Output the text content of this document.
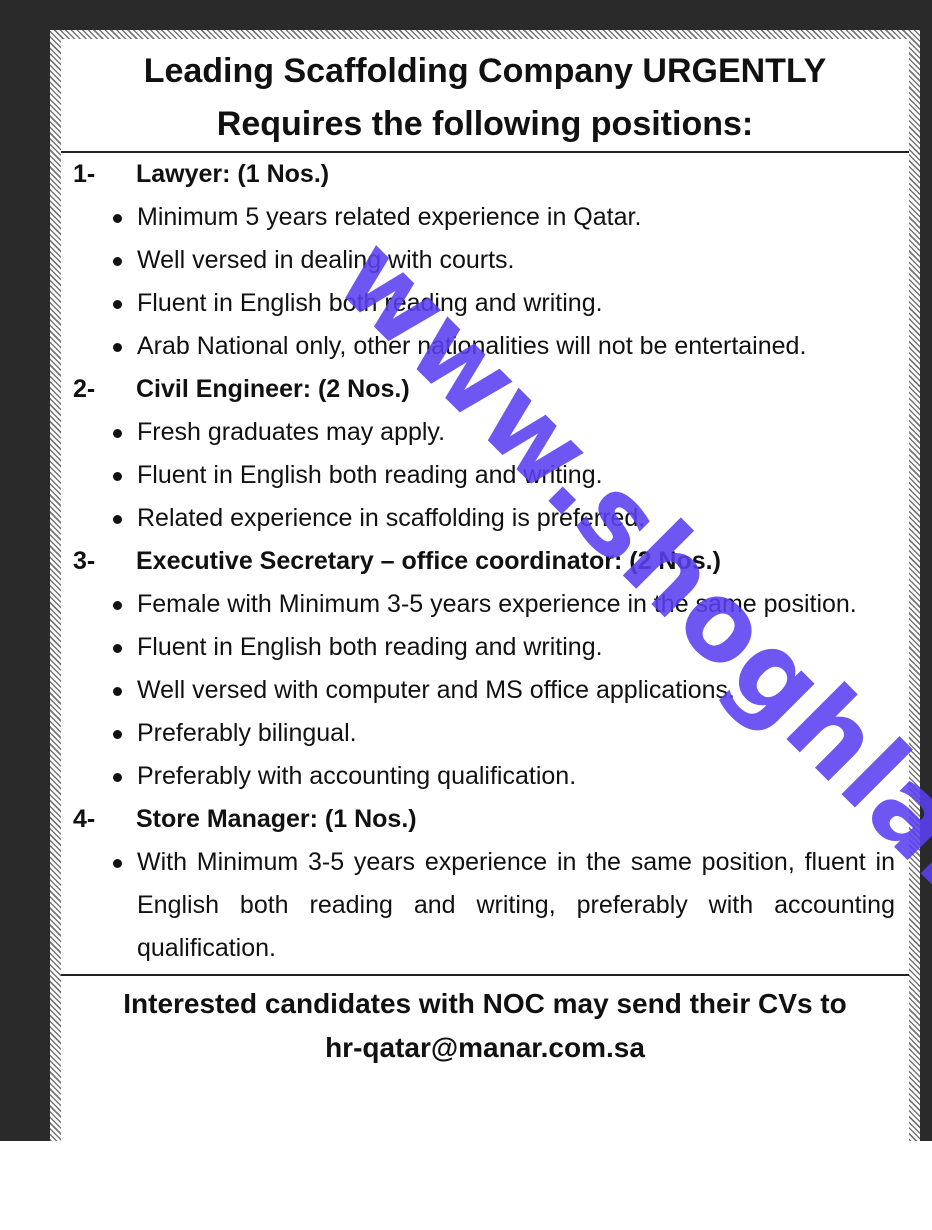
Leading Scaffolding Company URGENTLY
Requires the following positions:
1-	Lawyer: (1 Nos.)
Minimum 5 years related experience in Qatar.
Well versed in dealing with courts.
Fluent in English both reading and writing.
Arab National only, other nationalities will not be entertained.
2-	Civil Engineer: (2 Nos.)
Fresh graduates may apply.
Fluent in English both reading and writing.
Related experience in scaffolding is preferred.
3-	Executive Secretary – office coordinator: (2 Nos.)
Female with Minimum 3-5 years experience in the same position.
Fluent in English both reading and writing.
Well versed with computer and MS office applications.
Preferably bilingual.
Preferably with accounting qualification.
4-	Store Manager: (1 Nos.)
With Minimum 3-5 years experience in the same position, fluent in English both reading and writing, preferably with accounting qualification.

Interested candidates with NOC may send their CVs to
hr-qatar@manar.com.sa
